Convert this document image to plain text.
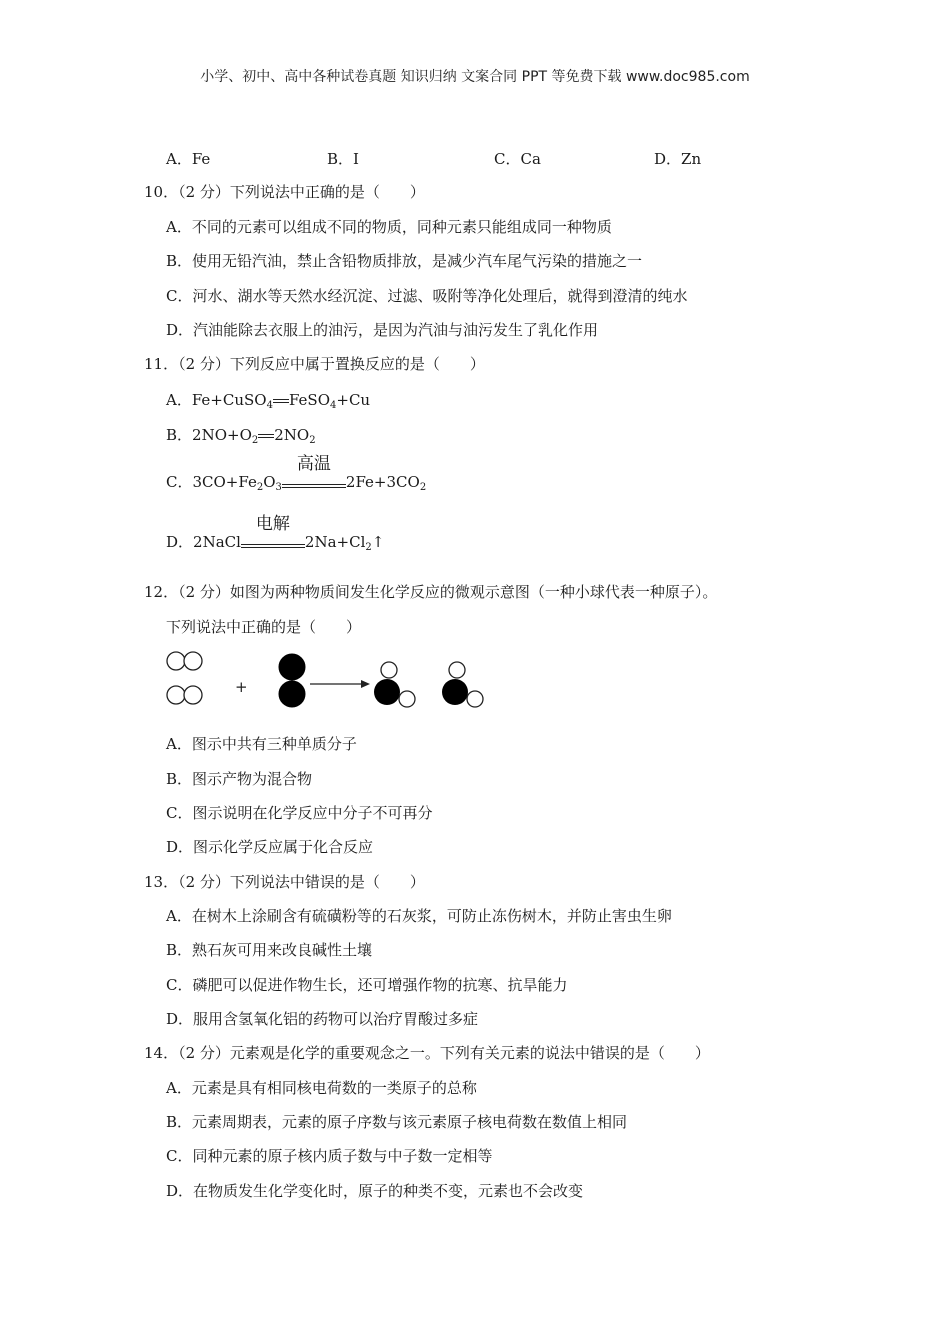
小学、初中、高中各种试卷真题 知识归纳 文案合同 PPT 等免费下载 www.doc985.com
A．Fe	B．I	C．Ca	D．Zn
10．（2 分）下列说法中正确的是（　　）
A．不同的元素可以组成不同的物质，同种元素只能组成同一种物质
B．使用无铅汽油，禁止含铅物质排放，是减少汽车尾气污染的措施之一
C．河水、湖水等天然水经沉淀、过滤、吸附等净化处理后，就得到澄清的纯水
D．汽油能除去衣服上的油污，是因为汽油与油污发生了乳化作用
11．（2 分）下列反应中属于置换反应的是（　　）
A．Fe+CuSO$_4$ FeSO$_4$+Cu
B．$2NO+O_2$ $2NO_2$
C．$3CO+Fe_2O_3$
高温
$2Fe+3CO_2$
D．2NaCl
电解
$2Na+Cl_2↑$
12．（2 分）如图为两种物质间发生化学反应的微观示意图（一种小球代表一种原子）。
下列说法中正确的是（　　）
+
A．图示中共有三种单质分子
B．图示产物为混合物
C．图示说明在化学反应中分子不可再分
D．图示化学反应属于化合反应
13．（2 分）下列说法中错误的是（　　）
A．在树木上涂刷含有硫磺粉等的石灰浆，可防止冻伤树木，并防止害虫生卵
B．熟石灰可用来改良碱性土壤
C．磷肥可以促进作物生长，还可增强作物的抗寒、抗旱能力
D．服用含氢氧化铝的药物可以治疗胃酸过多症
14．（2 分）元素观是化学的重要观念之一。下列有关元素的说法中错误的是（　　）
A．元素是具有相同核电荷数的一类原子的总称
B．元素周期表，元素的原子序数与该元素原子核电荷数在数值上相同
C．同种元素的原子核内质子数与中子数一定相等
D．在物质发生化学变化时，原子的种类不变，元素也不会改变
